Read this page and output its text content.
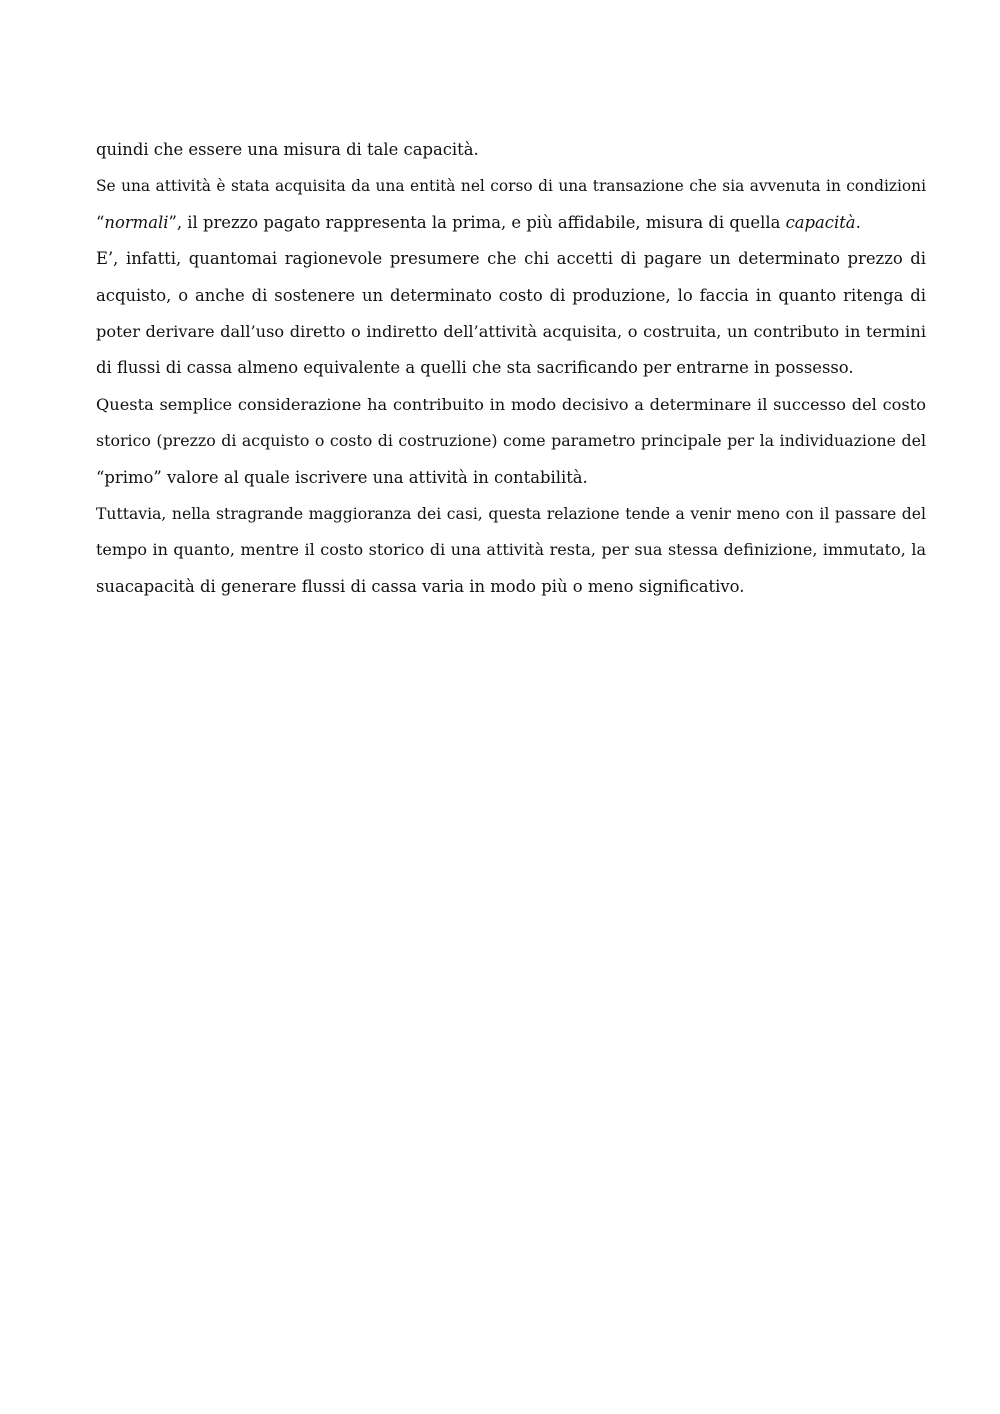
quindi che essere una misura di tale capacità.

Se una attività è stata acquisita da una entità nel corso di una transazione che sia avvenuta in condizioni

“normali”, il prezzo pagato rappresenta la prima, e più affidabile, misura di quella capacità.

E’, infatti, quantomai ragionevole presumere che chi accetti di pagare un determinato prezzo di

acquisto, o anche di sostenere un determinato costo di produzione, lo faccia in quanto ritenga di

poter derivare dall’uso diretto o indiretto dell’attività acquisita, o costruita, un contributo in termini

di flussi di cassa almeno equivalente a quelli che sta sacrificando per entrarne in possesso.

Questa semplice considerazione ha contribuito in modo decisivo a determinare il successo del costo

storico (prezzo di acquisto o costo di costruzione) come parametro principale per la individuazione del

“primo” valore al quale iscrivere una attività in contabilità.

Tuttavia, nella stragrande maggioranza dei casi, questa relazione tende a venir meno con il passare del

tempo in quanto, mentre il costo storico di una attività resta, per sua stessa definizione, immutato, la

suacapacità di generare flussi di cassa varia in modo più o meno significativo.
